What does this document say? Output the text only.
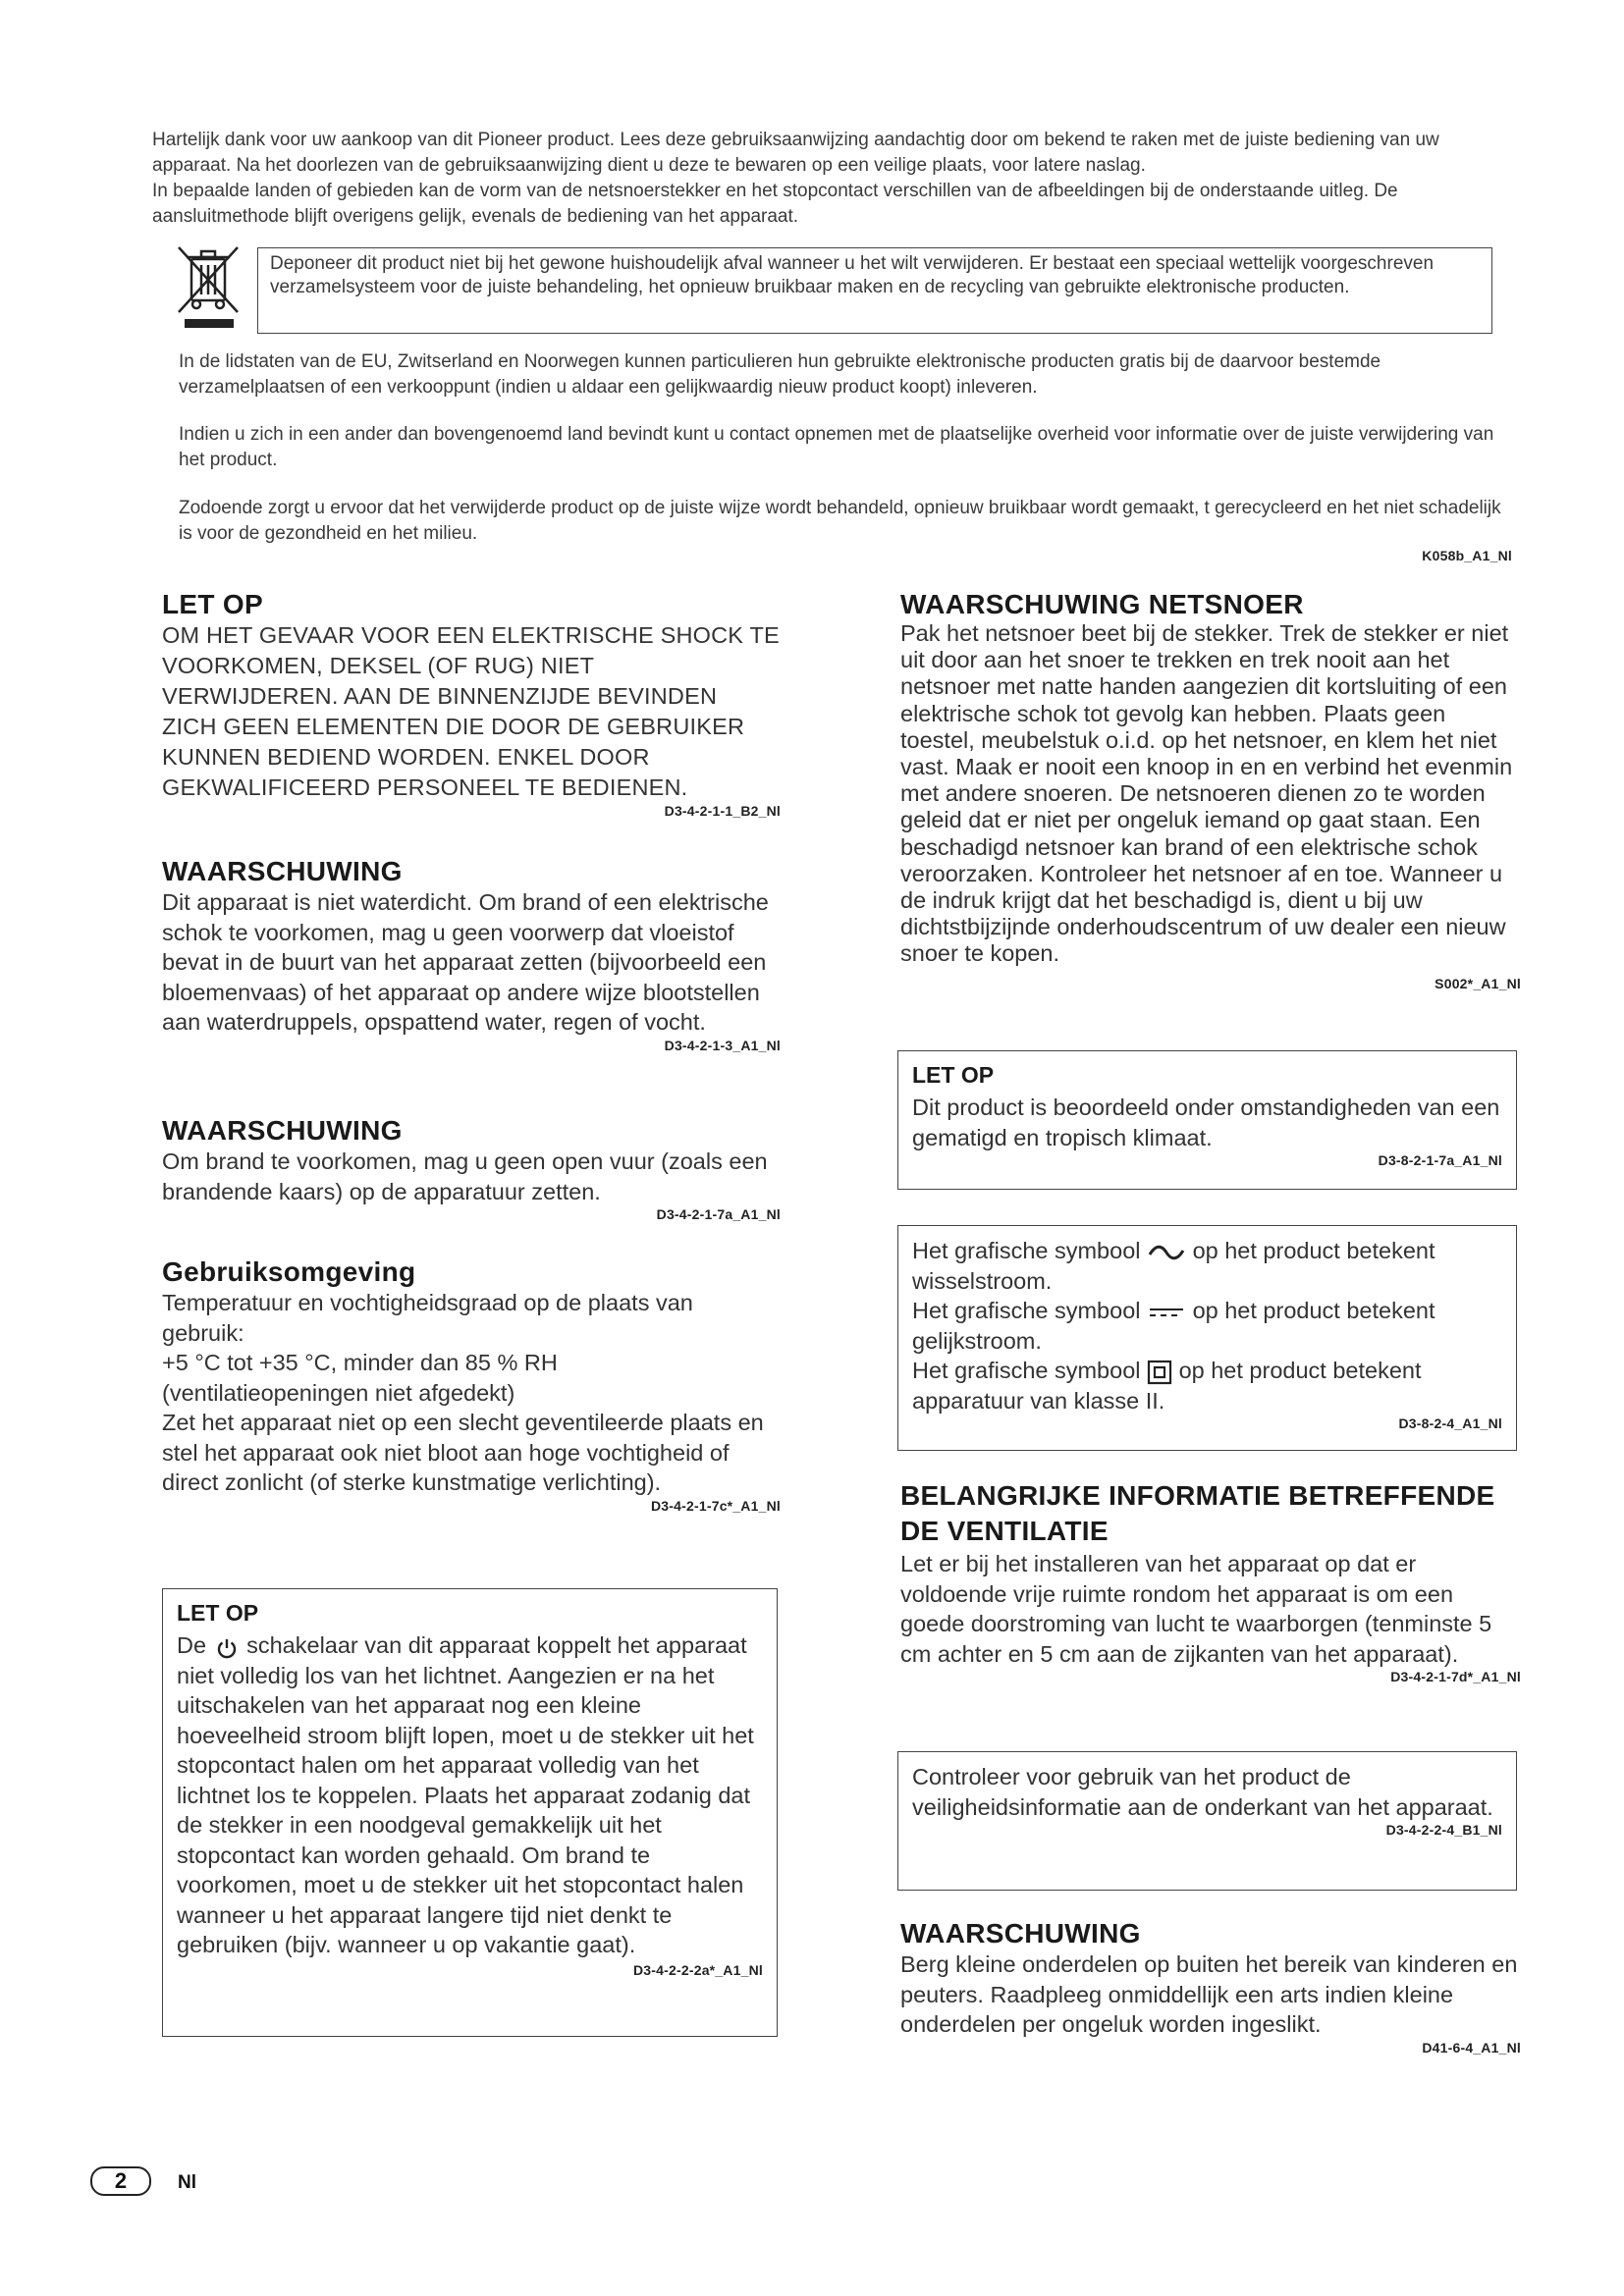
Hartelijk dank voor uw aankoop van dit Pioneer product. Lees deze gebruiksaanwijzing aandachtig door om bekend te raken met de juiste bediening van uw apparaat. Na het doorlezen van de gebruiksaanwijzing dient u deze te bewaren op een veilige plaats, voor latere naslag.

In bepaalde landen of gebieden kan de vorm van de netsnoerstekker en het stopcontact verschillen van de afbeeldingen bij de onderstaande uitleg. De aansluitmethode blijft overigens gelijk, evenals de bediening van het apparaat.

Deponeer dit product niet bij het gewone huishoudelijk afval wanneer u het wilt verwijderen. Er bestaat een speciaal wettelijk voorgeschreven verzamelsysteem voor de juiste behandeling, het opnieuw bruikbaar maken en de recycling van gebruikte elektronische producten.

In de lidstaten van de EU, Zwitserland en Noorwegen kunnen particulieren hun gebruikte elektronische producten gratis bij de daarvoor bestemde verzamelplaatsen of een verkooppunt (indien u aldaar een gelijkwaardig nieuw product koopt) inleveren.

Indien u zich in een ander dan bovengenoemd land bevindt kunt u contact opnemen met de plaatselijke overheid voor informatie over de juiste verwijdering van het product.

Zodoende zorgt u ervoor dat het verwijderde product op de juiste wijze wordt behandeld, opnieuw bruikbaar wordt gemaakt, t gerecycleerd en het niet schadelijk is voor de gezondheid en het milieu.

K058b_A1_Nl
LET OP

OM HET GEVAAR VOOR EEN ELEKTRISCHE SHOCK TE

VOORKOMEN, DEKSEL (OF RUG) NIET

VERWIJDEREN. AAN DE BINNENZIJDE BEVINDEN

ZICH GEEN ELEMENTEN DIE DOOR DE GEBRUIKER

KUNNEN BEDIEND WORDEN. ENKEL DOOR

GEKWALIFICEERD PERSONEEL TE BEDIENEN.

D3-4-2-1-1_B2_Nl
WAARSCHUWING

Dit apparaat is niet waterdicht. Om brand of een elektrische schok te voorkomen, mag u geen voorwerp dat vloeistof bevat in de buurt van het apparaat zetten (bijvoorbeeld een bloemenvaas) of het apparaat op andere wijze blootstellen aan waterdruppels, opspattend water, regen of vocht.

D3-4-2-1-3_A1_Nl
WAARSCHUWING

Om brand te voorkomen, mag u geen open vuur (zoals een brandende kaars) op de apparatuur zetten.

D3-4-2-1-7a_A1_Nl
Gebruiksomgeving

Temperatuur en vochtigheidsgraad op de plaats van gebruik:

+5 °C tot +35 °C, minder dan 85 % RH

(ventilatieopeningen niet afgedekt)

Zet het apparaat niet op een slecht geventileerde plaats en stel het apparaat ook niet bloot aan hoge vochtigheid of direct zonlicht (of sterke kunstmatige verlichting).

D3-4-2-1-7c*_A1_Nl
LET OP

De schakelaar van dit apparaat koppelt het apparaat niet volledig los van het lichtnet. Aangezien er na het uitschakelen van het apparaat nog een kleine hoeveelheid stroom blijft lopen, moet u de stekker uit het stopcontact halen om het apparaat volledig van het lichtnet los te koppelen. Plaats het apparaat zodanig dat de stekker in een noodgeval gemakkelijk uit het stopcontact kan worden gehaald. Om brand te voorkomen, moet u de stekker uit het stopcontact halen wanneer u het apparaat langere tijd niet denkt te gebruiken (bijv. wanneer u op vakantie gaat).

D3-4-2-2-2a*_A1_Nl
WAARSCHUWING NETSNOER

Pak het netsnoer beet bij de stekker. Trek de stekker er niet uit door aan het snoer te trekken en trek nooit aan het netsnoer met natte handen aangezien dit kortsluiting of een elektrische schok tot gevolg kan hebben. Plaats geen toestel, meubelstuk o.i.d. op het netsnoer, en klem het niet vast. Maak er nooit een knoop in en en verbind het evenmin met andere snoeren. De netsnoeren dienen zo te worden geleid dat er niet per ongeluk iemand op gaat staan. Een beschadigd netsnoer kan brand of een elektrische schok veroorzaken. Kontroleer het netsnoer af en toe. Wanneer u de indruk krijgt dat het beschadigd is, dient u bij uw dichtstbijzijnde onderhoudscentrum of uw dealer een nieuw snoer te kopen.

S002*_A1_Nl
LET OP

Dit product is beoordeeld onder omstandigheden van een gematigd en tropisch klimaat.

D3-8-2-1-7a_A1_Nl

Het grafische symbool op het product betekent wisselstroom.

Het grafische symbool op het product betekent gelijkstroom.

Het grafische symbool op het product betekent apparatuur van klasse II.

D3-8-2-4_A1_Nl
BELANGRIJKE INFORMATIE BETREFFENDE DE VENTILATIE

Let er bij het installeren van het apparaat op dat er voldoende vrije ruimte rondom het apparaat is om een goede doorstroming van lucht te waarborgen (tenminste 5 cm achter en 5 cm aan de zijkanten van het apparaat).

D3-4-2-1-7d*_A1_Nl

Controleer voor gebruik van het product de veiligheidsinformatie aan de onderkant van het apparaat.

D3-4-2-2-4_B1_Nl
WAARSCHUWING

Berg kleine onderdelen op buiten het bereik van kinderen en peuters. Raadpleeg onmiddellijk een arts indien kleine onderdelen per ongeluk worden ingeslikt.

D41-6-4_A1_Nl
2	Nl
